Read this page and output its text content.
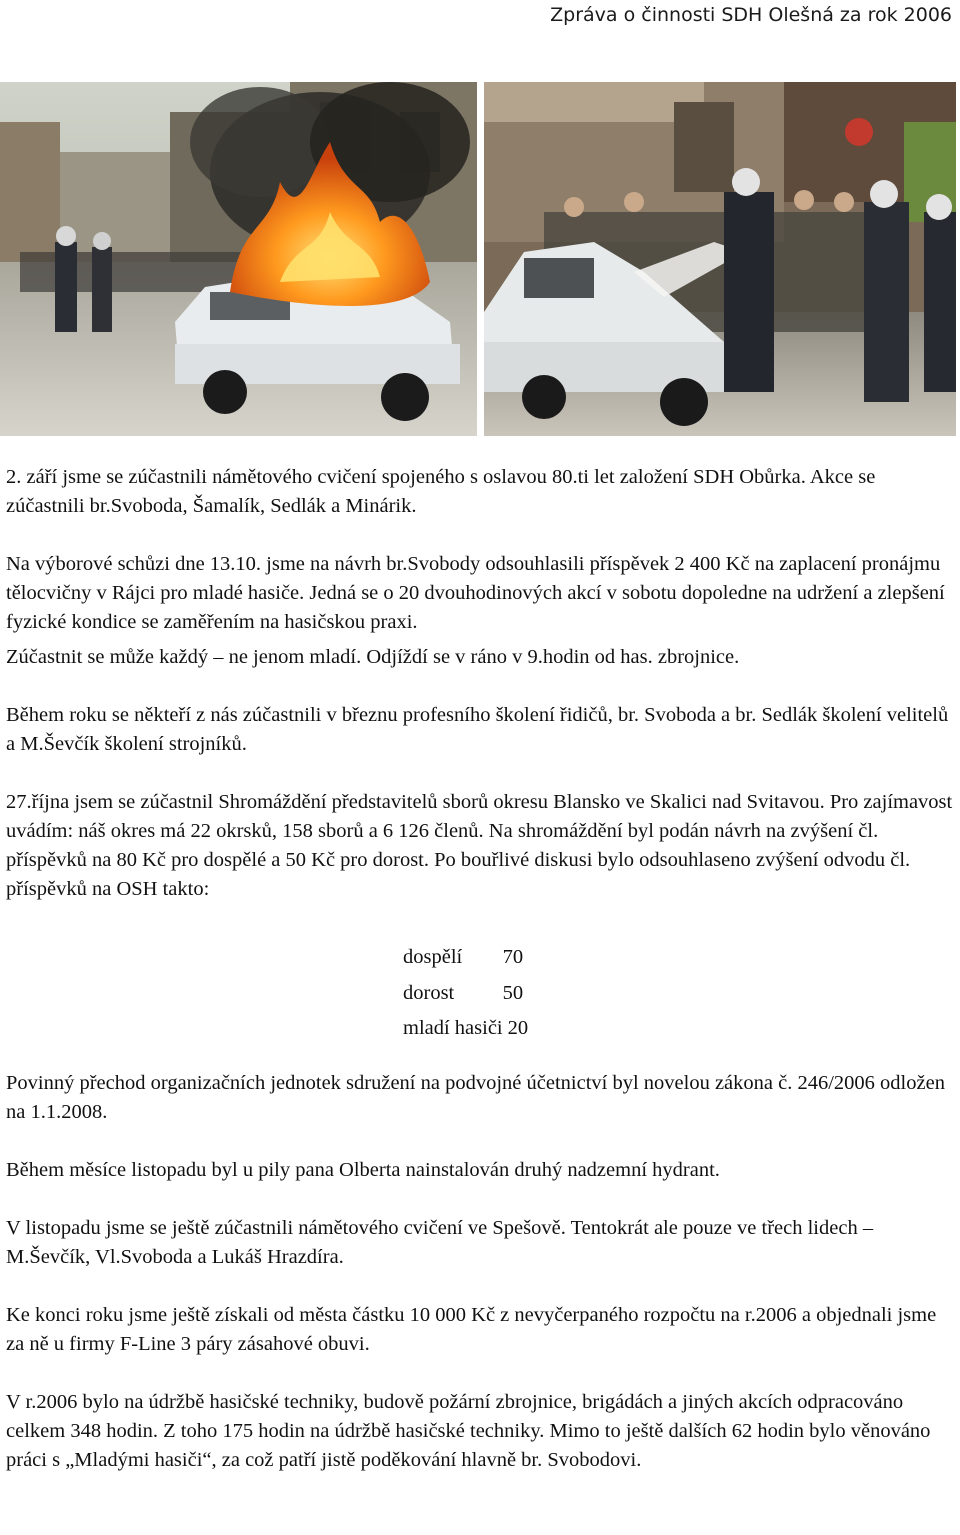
Zpráva o činnosti SDH Olešná za rok 2006

2. září jsme se zúčastnili námětového cvičení spojeného s oslavou 80.ti let založení SDH Obůrka. Akce se zúčastnili br.Svoboda, Šamalík, Sedlák a Minárik.

Na výborové schůzi dne 13.10. jsme na návrh br.Svobody odsouhlasili příspěvek 2 400 Kč na zaplacení pronájmu tělocvičny v Rájci pro mladé hasiče. Jedná se o 20 dvouhodinových akcí v sobotu dopoledne na udržení a zlepšení fyzické kondice se zaměřením na hasičskou praxi.

Zúčastnit se může každý – ne jenom mladí. Odjíždí se v ráno v 9.hodin od has. zbrojnice.

Během roku se někteří z nás zúčastnili v březnu profesního školení řidičů, br. Svoboda a br. Sedlák školení velitelů a M.Ševčík školení strojníků.

27.října jsem se zúčastnil Shromáždění představitelů sborů okresu Blansko ve Skalici nad Svitavou. Pro zajímavost uvádím: náš okres má 22 okrsků, 158 sborů a 6 126 členů. Na shromáždění byl podán návrh na zvýšení čl. příspěvků na 80 Kč pro dospělé a 50 Kč pro dorost. Po bouřlivé diskusi bylo odsouhlaseno zvýšení odvodu čl. příspěvků na OSH takto:

dospělí	70
dorost	50
mladí hasiči	20

Povinný přechod organizačních jednotek sdružení na podvojné účetnictví byl novelou zákona č. 246/2006 odložen na 1.1.2008.

Během měsíce listopadu byl u pily pana Olberta nainstalován druhý nadzemní hydrant.

V listopadu jsme se ještě zúčastnili námětového cvičení ve Spešově. Tentokrát ale pouze ve třech lidech – M.Ševčík, Vl.Svoboda a Lukáš Hrazdíra.

Ke konci roku jsme ještě získali od města částku 10 000 Kč z nevyčerpaného rozpočtu na r.2006 a objednali jsme za ně u firmy F-Line 3 páry zásahové obuvi.

V r.2006 bylo na údržbě hasičské techniky, budově požární zbrojnice, brigádách a jiných akcích odpracováno celkem 348 hodin. Z toho 175 hodin na údržbě hasičské techniky. Mimo to ještě dalších 62 hodin bylo věnováno práci s „Mladými hasiči“, za což patří jistě poděkování hlavně br. Svobodovi.
